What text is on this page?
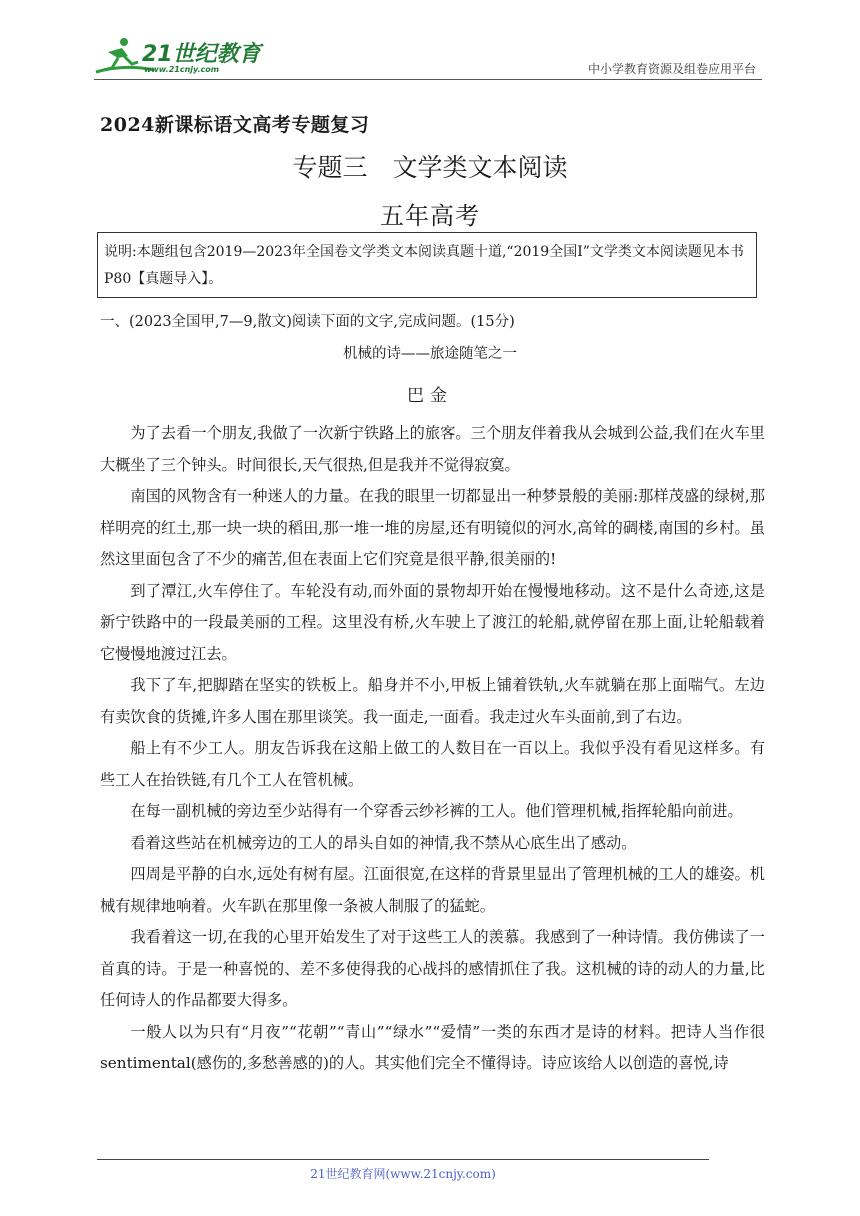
21世纪教育
www.21cnjy.com	中小学教育资源及组卷应用平台
2024新课标语文高考专题复习
专题三　文学类文本阅读
五年高考
说明:本题组包含2019—2023年全国卷文学类文本阅读真题十道,“2019全国Ⅰ”文学类文本阅读题见本书P80【真题导入】。
一、(2023全国甲,7—9,散文)阅读下面的文字,完成问题。(15分)
机械的诗——旅途随笔之一
巴金

为了去看一个朋友,我做了一次新宁铁路上的旅客。三个朋友伴着我从会城到公益,我们在火车里大概坐了三个钟头。时间很长,天气很热,但是我并不觉得寂寞。

南国的风物含有一种迷人的力量。在我的眼里一切都显出一种梦景般的美丽:那样茂盛的绿树,那样明亮的红土,那一块一块的稻田,那一堆一堆的房屋,还有明镜似的河水,高耸的碉楼,南国的乡村。虽然这里面包含了不少的痛苦,但在表面上它们究竟是很平静,很美丽的!

到了潭江,火车停住了。车轮没有动,而外面的景物却开始在慢慢地移动。这不是什么奇迹,这是新宁铁路中的一段最美丽的工程。这里没有桥,火车驶上了渡江的轮船,就停留在那上面,让轮船载着它慢慢地渡过江去。

我下了车,把脚踏在坚实的铁板上。船身并不小,甲板上铺着铁轨,火车就躺在那上面喘气。左边有卖饮食的货摊,许多人围在那里谈笑。我一面走,一面看。我走过火车头面前,到了右边。

船上有不少工人。朋友告诉我在这船上做工的人数目在一百以上。我似乎没有看见这样多。有些工人在抬铁链,有几个工人在管机械。

在每一副机械的旁边至少站得有一个穿香云纱衫裤的工人。他们管理机械,指挥轮船向前进。

看着这些站在机械旁边的工人的昂头自如的神情,我不禁从心底生出了感动。

四周是平静的白水,远处有树有屋。江面很宽,在这样的背景里显出了管理机械的工人的雄姿。机械有规律地响着。火车趴在那里像一条被人制服了的猛蛇。

我看着这一切,在我的心里开始发生了对于这些工人的羡慕。我感到了一种诗情。我仿佛读了一首真的诗。于是一种喜悦的、差不多使得我的心战抖的感情抓住了我。这机械的诗的动人的力量,比任何诗人的作品都要大得多。

一般人以为只有“月夜”“花朝”“青山”“绿水”“爱情”一类的东西才是诗的材料。把诗人当作很sentimental(感伤的,多愁善感的)的人。其实他们完全不懂得诗。诗应该给人以创造的喜悦,诗

21世纪教育网(www.21cnjy.com)
